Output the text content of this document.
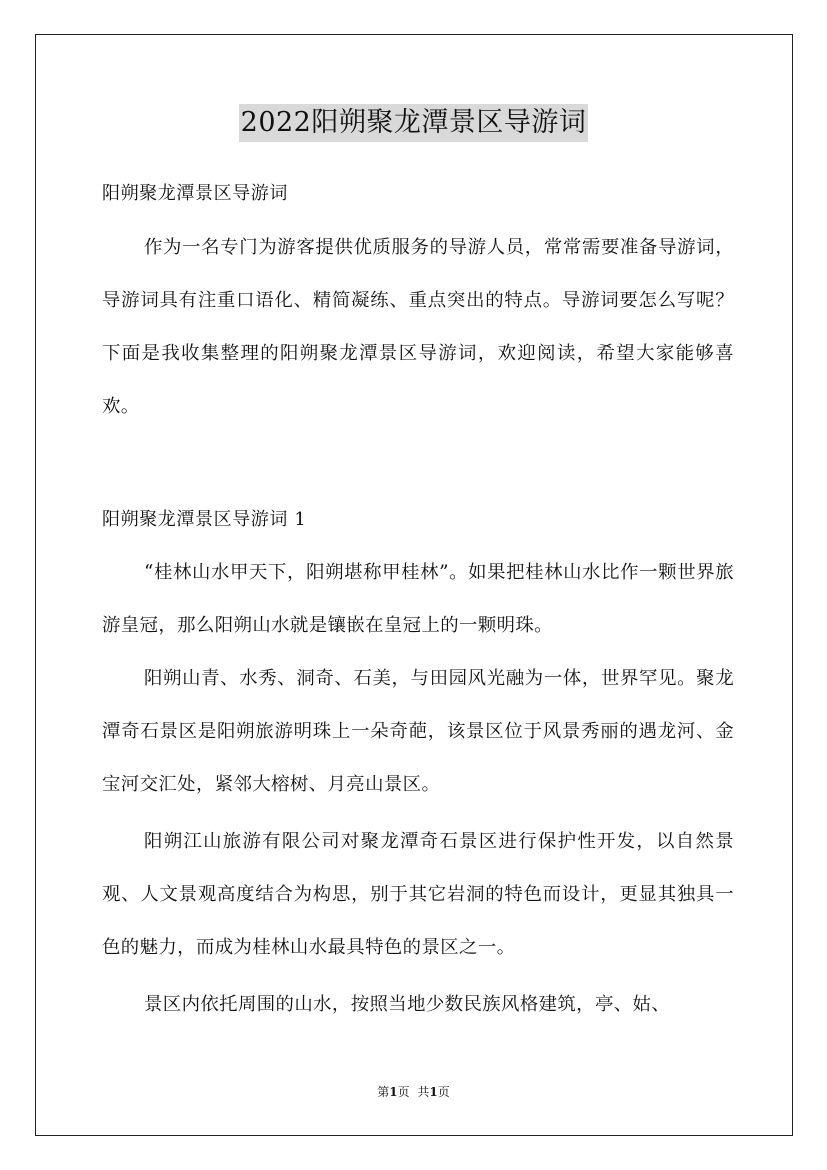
2022阳朔聚龙潭景区导游词
阳朔聚龙潭景区导游词

作为一名专门为游客提供优质服务的导游人员，常常需要准备导游词，导游词具有注重口语化、精简凝练、重点突出的特点。导游词要怎么写呢？下面是我收集整理的阳朔聚龙潭景区导游词，欢迎阅读，希望大家能够喜欢。

阳朔聚龙潭景区导游词 1

“桂林山水甲天下，阳朔堪称甲桂林”。如果把桂林山水比作一颗世界旅游皇冠，那么阳朔山水就是镶嵌在皇冠上的一颗明珠。

阳朔山青、水秀、洞奇、石美，与田园风光融为一体，世界罕见。聚龙潭奇石景区是阳朔旅游明珠上一朵奇葩，该景区位于风景秀丽的遇龙河、金宝河交汇处，紧邻大榕树、月亮山景区。

阳朔江山旅游有限公司对聚龙潭奇石景区进行保护性开发，以自然景观、人文景观高度结合为构思，别于其它岩洞的特色而设计，更显其独具一色的魅力，而成为桂林山水最具特色的景区之一。

景区内依托周围的山水，按照当地少数民族风格建筑，亭、姑、

第1页 共1页
